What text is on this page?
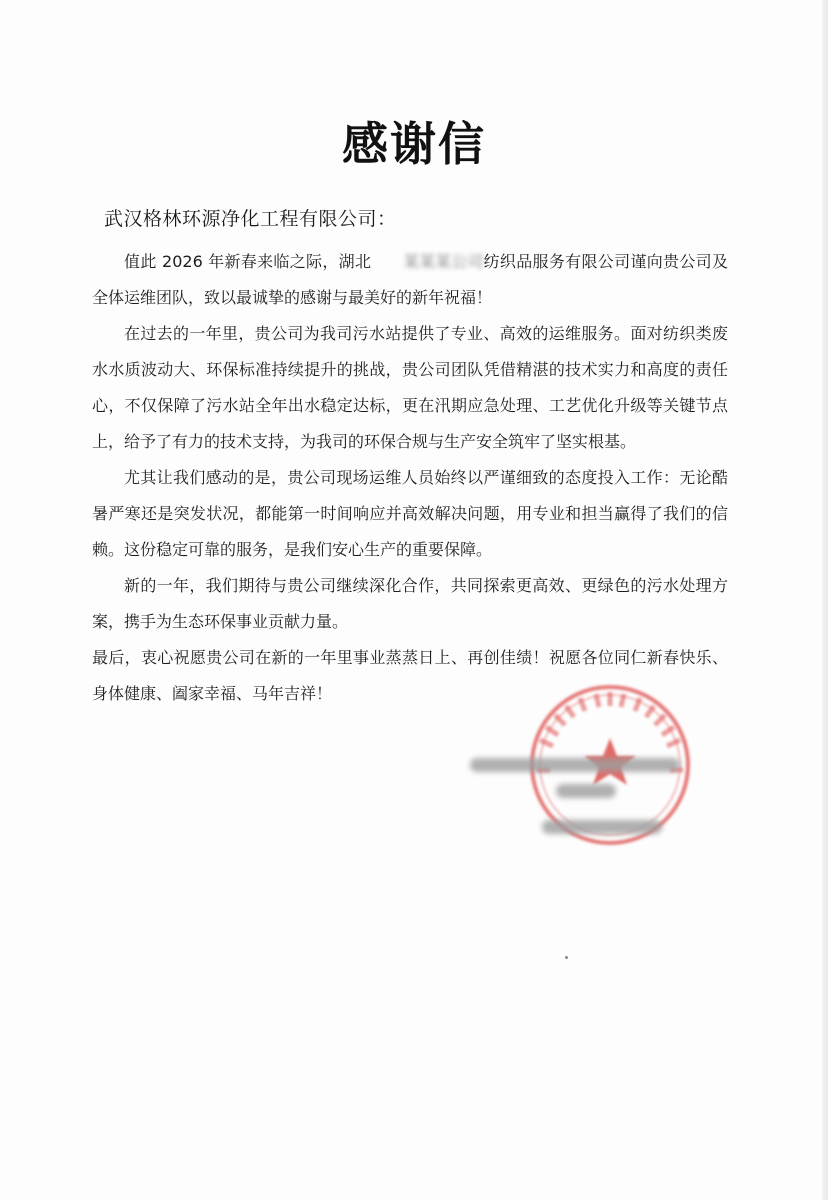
感谢信
武汉格林环源净化工程有限公司：

值此 2026 年新春来临之际，湖北 某某某公司纺织品服务有限公司谨向贵公司及全体运维团队，致以最诚挚的感谢与最美好的新年祝福！

在过去的一年里，贵公司为我司污水站提供了专业、高效的运维服务。面对纺织类废水水质波动大、环保标准持续提升的挑战，贵公司团队凭借精湛的技术实力和高度的责任心，不仅保障了污水站全年出水稳定达标，更在汛期应急处理、工艺优化升级等关键节点上，给予了有力的技术支持，为我司的环保合规与生产安全筑牢了坚实根基。

尤其让我们感动的是，贵公司现场运维人员始终以严谨细致的态度投入工作：无论酷暑严寒还是突发状况，都能第一时间响应并高效解决问题，用专业和担当赢得了我们的信赖。这份稳定可靠的服务，是我们安心生产的重要保障。

新的一年，我们期待与贵公司继续深化合作，共同探索更高效、更绿色的污水处理方案，携手为生态环保事业贡献力量。

最后，衷心祝愿贵公司在新的一年里事业蒸蒸日上、再创佳绩！祝愿各位同仁新春快乐、身体健康、阖家幸福、马年吉祥！
